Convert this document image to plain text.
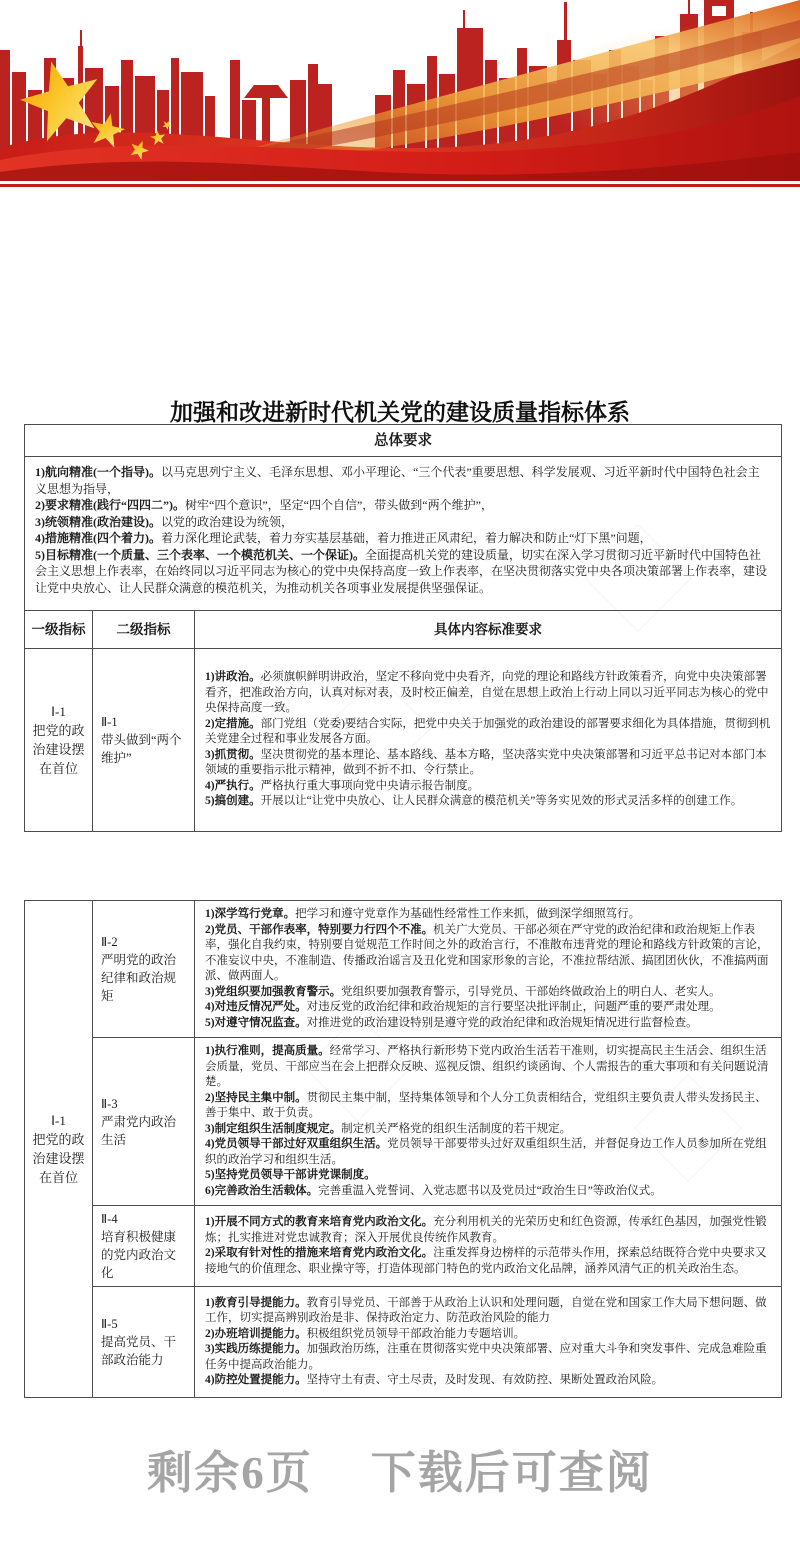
加强和改进新时代机关党的建设质量指标体系
总体要求

1)航向精准(一个指导)。以马克思列宁主义、毛泽东思想、邓小平理论、“三个代表”重要思想、科学发展观、习近平新时代中国特色社会主义思想为指导，

2)要求精准(践行“四四二”)。树牢“四个意识”，坚定“四个自信”，带头做到“两个维护”，

3)统领精准(政治建设)。以党的政治建设为统领，

4)措施精准(四个着力)。着力深化理论武装，着力夯实基层基础，着力推进正风肃纪，着力解决和防止“灯下黑”问题，

5)目标精准(一个质量、三个表率、一个模范机关、一个保证)。全面提高机关党的建设质量，切实在深入学习贯彻习近平新时代中国特色社会主义思想上作表率，在始终同以习近平同志为核心的党中央保持高度一致上作表率，在坚决贯彻落实党中央各项决策部署上作表率，建设让党中央放心、让人民群众满意的模范机关，为推动机关各项事业发展提供坚强保证。

一级指标	二级指标	具体内容标准要求
Ⅰ-1
把党的政治建设摆在首位
Ⅱ-1
带头做到“两个维护”

1)讲政治。必须旗帜鲜明讲政治，坚定不移向党中央看齐，向党的理论和路线方针政策看齐，向党中央决策部署看齐，把准政治方向，认真对标对表，及时校正偏差，自觉在思想上政治上行动上同以习近平同志为核心的党中央保持高度一致。

2)定措施。部门党组（党委)要结合实际，把党中央关于加强党的政治建设的部署要求细化为具体措施，贯彻到机关党建全过程和事业发展各方面。

3)抓贯彻。坚决贯彻党的基本理论、基本路线、基本方略，坚决落实党中央决策部署和习近平总书记对本部门本领域的重要指示批示精神，做到不折不扣、令行禁止。

4)严执行。严格执行重大事项向党中央请示报告制度。

5)搞创建。开展以让“让党中央放心、让人民群众满意的模范机关”等务实见效的形式灵活多样的创建工作。

Ⅰ-1
把党的政治建设摆在首位
Ⅱ-2
严明党的政治纪律和政治规矩

1)深学笃行党章。把学习和遵守党章作为基础性经常性工作来抓，做到深学细照笃行。

2)党员、干部作表率，特别要力行四个不准。机关广大党员、干部必须在严守党的政治纪律和政治规矩上作表率，强化自我约束，特别要自觉规范工作时间之外的政治言行，不准散布违背党的理论和路线方针政策的言论，不准妄议中央，不准制造、传播政治谣言及丑化党和国家形象的言论，不准拉帮结派、搞团团伙伙，不准搞两面派、做两面人。

3)党组织要加强教育警示。党组织要加强教育警示，引导党员、干部始终做政治上的明白人、老实人。

4)对违反情况严处。对违反党的政治纪律和政治规矩的言行要坚决批评制止，问题严重的要严肃处理。

5)对遵守情况监查。对推进党的政治建设特别是遵守党的政治纪律和政治规矩情况进行监督检查。

Ⅱ-3
严肃党内政治生活

1)执行准则，提高质量。经常学习、严格执行新形势下党内政治生活若干准则，切实提高民主生活会、组织生活会质量，党员、干部应当在会上把群众反映、巡视反馈、组织约谈函询、个人需报告的重大事项和有关问题说清楚。

2)坚持民主集中制。贯彻民主集中制，坚持集体领导和个人分工负责相结合，党组织主要负责人带头发扬民主、善于集中、敢于负责。

3)制定组织生活制度规定。制定机关严格党的组织生活制度的若干规定。

4)党员领导干部过好双重组织生活。党员领导干部要带头过好双重组织生活，并督促身边工作人员参加所在党组织的政治学习和组织生活。

5)坚持党员领导干部讲党课制度。

6)完善政治生活载体。完善重温入党誓词、入党志愿书以及党员过“政治生日”等政治仪式。

Ⅱ-4
培育积极健康的党内政治文化

1)开展不同方式的教育来培育党内政治文化。充分利用机关的光荣历史和红色资源，传承红色基因，加强党性锻炼；扎实推进对党忠诚教育；深入开展优良传统作风教育。

2)采取有针对性的措施来培育党内政治文化。注重发挥身边榜样的示范带头作用，探索总结既符合党中央要求又接地气的价值理念、职业操守等，打造体现部门特色的党内政治文化品牌，涵养风清气正的机关政治生态。

Ⅱ-5
提高党员、干部政治能力

1)教育引导提能力。教育引导党员、干部善于从政治上认识和处理问题，自觉在党和国家工作大局下想问题、做工作，切实提高辨别政治是非、保持政治定力、防范政治风险的能力

2)办班培训提能力。积极组织党员领导干部政治能力专题培训。

3)实践历练提能力。加强政治历练，注重在贯彻落实党中央决策部署、应对重大斗争和突发事件、完成急难险重任务中提高政治能力。

4)防控处置提能力。坚持守土有责、守土尽责，及时发现、有效防控、果断处置政治风险。

剩余6页 下载后可查阅
